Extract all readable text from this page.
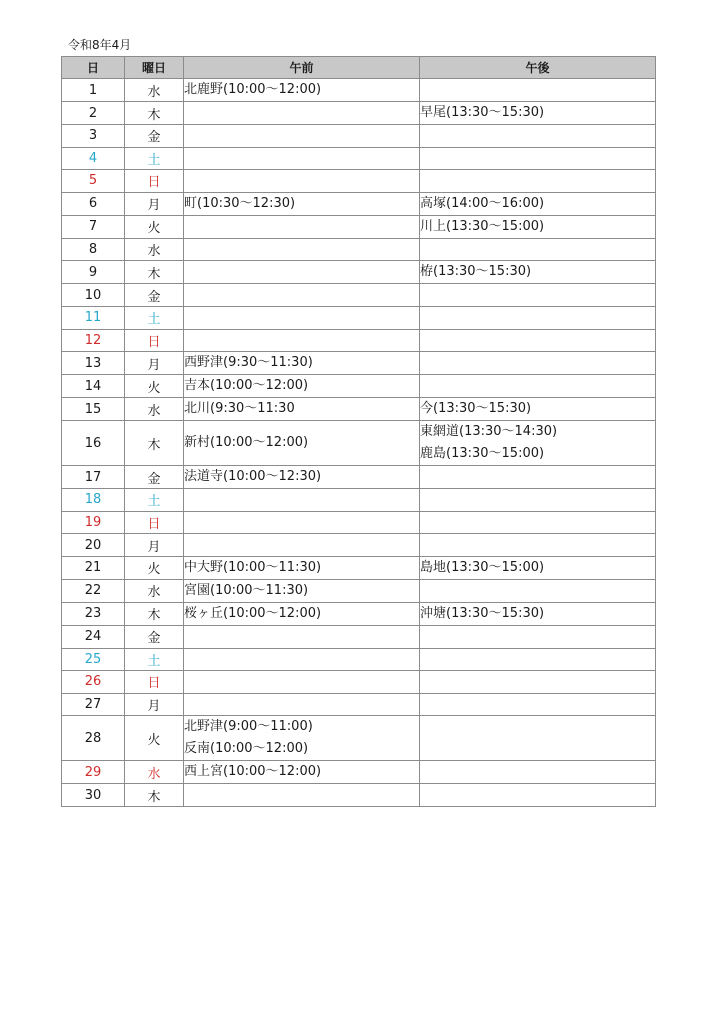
令和8年4月
日	曜日	午前	午後
1	水	北鹿野(10:00～12:00)	

2	木		早尾(13:30～15:30)

3	金		
4	土		
5	日		
6	月	町(10:30～12:30)	高塚(14:00～16:00)

7	火		川上(13:30～15:00)

8	水		
9	木		栫(13:30～15:30)

10	金		
11	土		
12	日		
13	月	西野津(9:30～11:30)	

14	火	吉本(10:00～12:00)	

15	水	北川(9:30～11:30	今(13:30～15:30)

16	木	新村(10:00～12:00)	東網道(13:30～14:30)
鹿島(13:30～15:00)

17	金	法道寺(10:00～12:30)	

18	土		
19	日		
20	月		
21	火	中大野(10:00～11:30)	島地(13:30～15:00)

22	水	宮園(10:00～11:30)	

23	木	桜ヶ丘(10:00～12:00)	沖塘(13:30～15:30)

24	金		
25	土		
26	日		
27	月		
28	火	北野津(9:00～11:00)
反南(10:00～12:00)	

29	水	西上宮(10:00～12:00)	

30	木		
